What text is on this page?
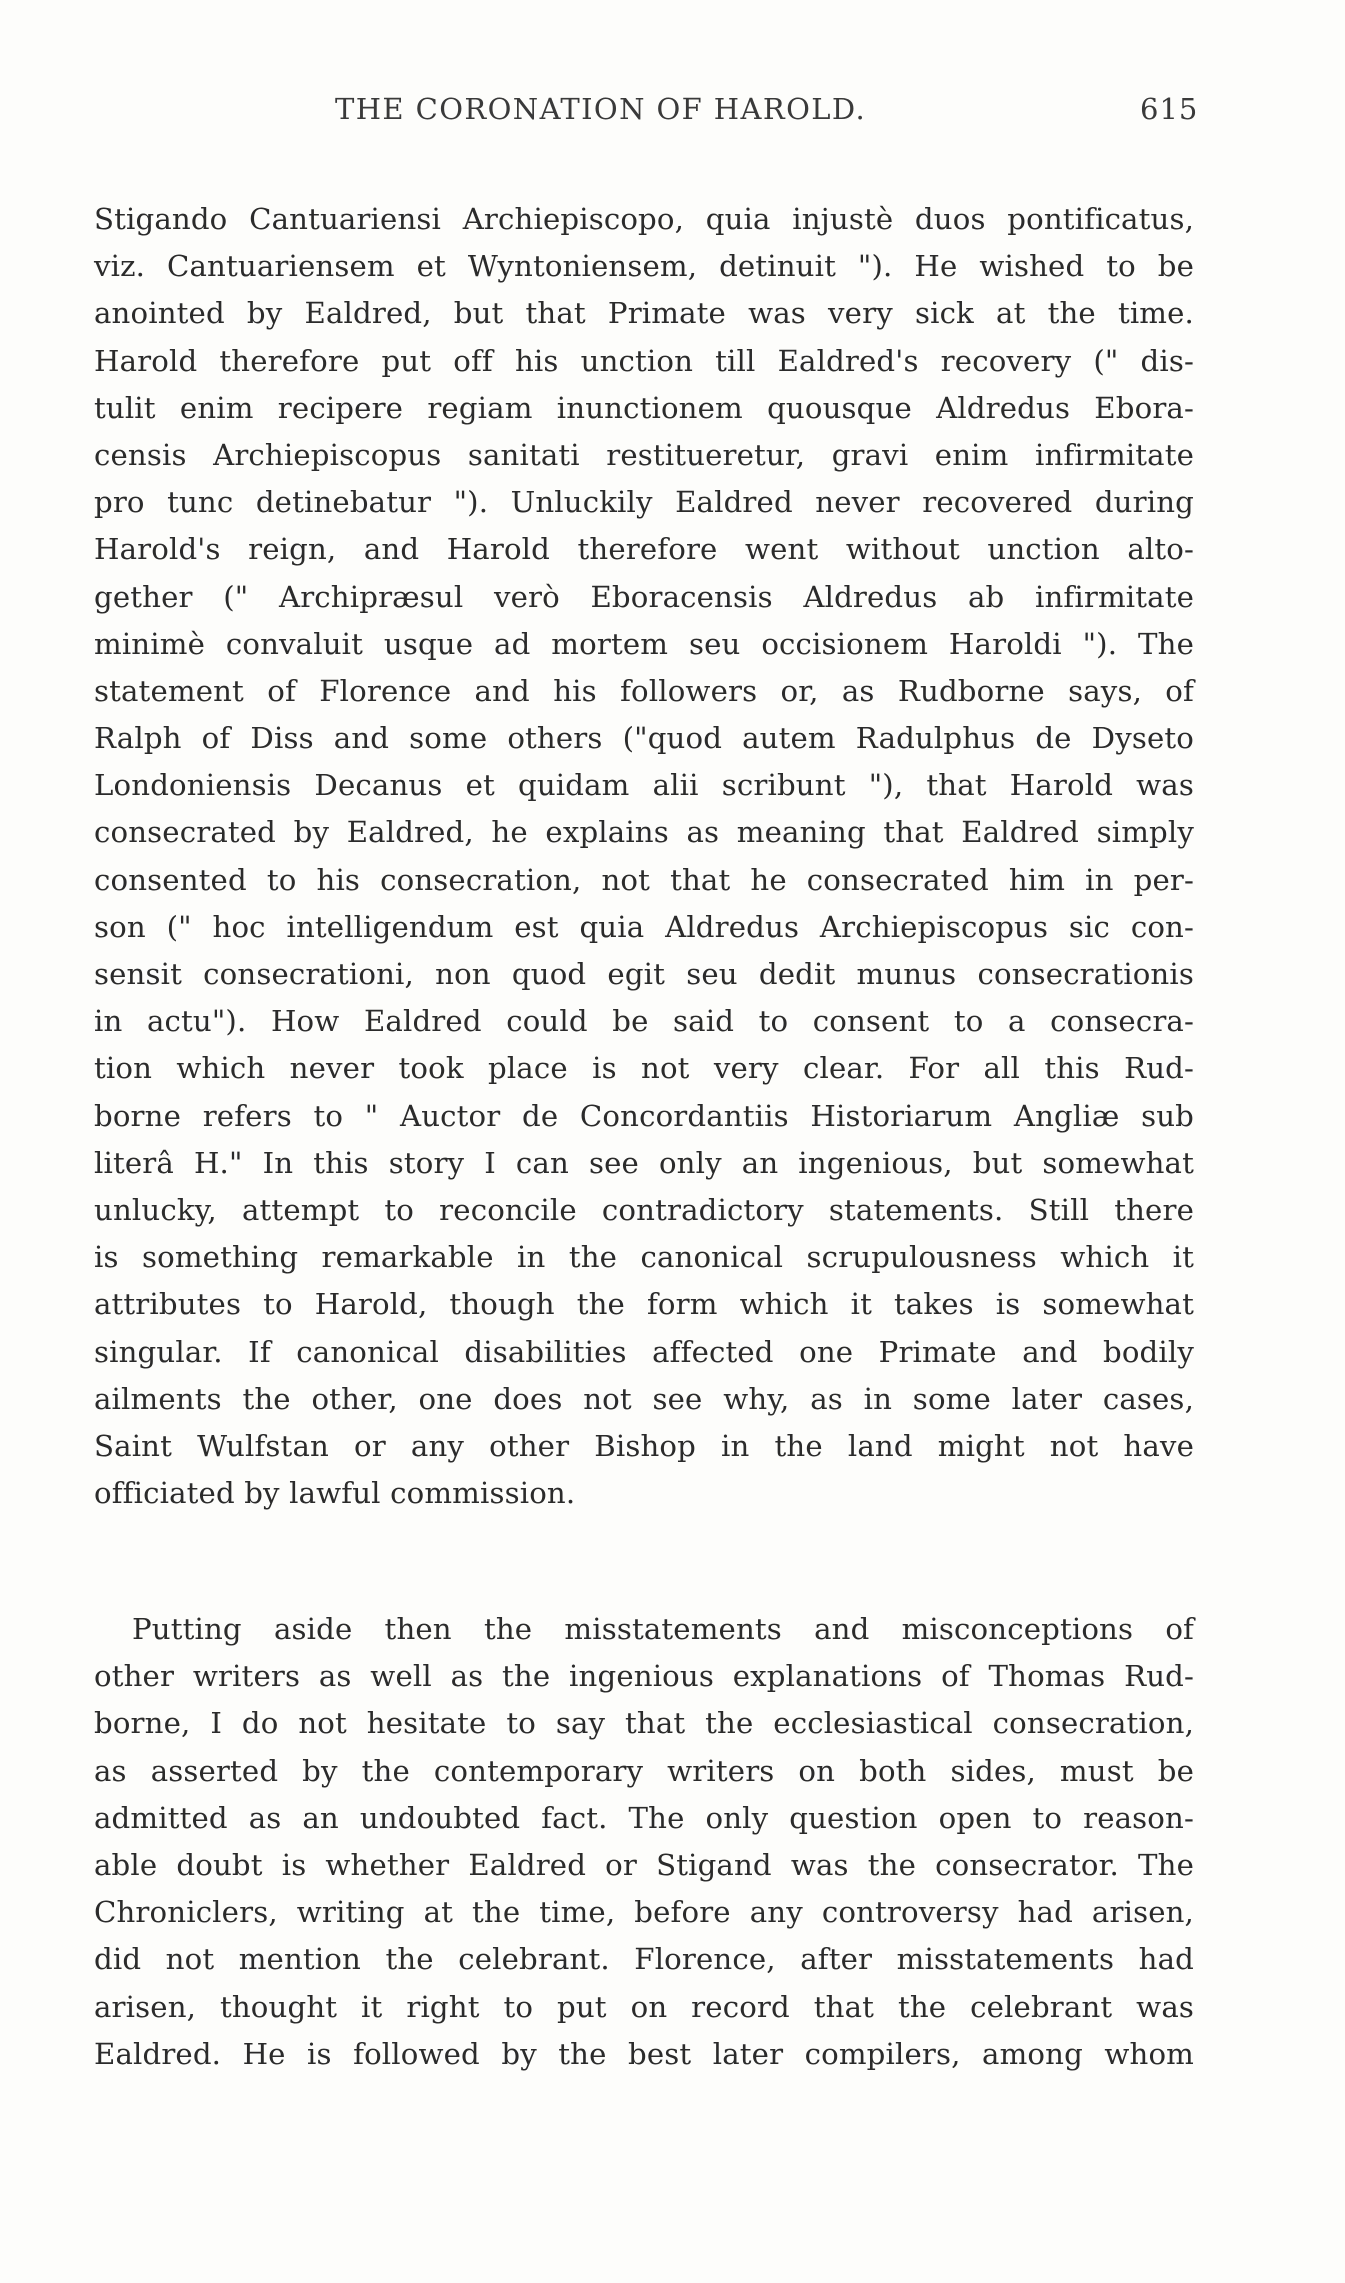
THE CORONATION OF HAROLD.	615
Stigando Cantuariensi Archiepiscopo, quia injustè duos pontificatus,
viz. Cantuariensem et Wyntoniensem, detinuit "). He wished to be
anointed by Ealdred, but that Primate was very sick at the time.
Harold therefore put off his unction till Ealdred's recovery (" dis-
tulit enim recipere regiam inunctionem quousque Aldredus Ebora-
censis Archiepiscopus sanitati restitueretur, gravi enim infirmitate
pro tunc detinebatur "). Unluckily Ealdred never recovered during
Harold's reign, and Harold therefore went without unction alto-
gether (" Archipræsul verò Eboracensis Aldredus ab infirmitate
minimè convaluit usque ad mortem seu occisionem Haroldi "). The
statement of Florence and his followers or, as Rudborne says, of
Ralph of Diss and some others ("quod autem Radulphus de Dyseto
Londoniensis Decanus et quidam alii scribunt "), that Harold was
consecrated by Ealdred, he explains as meaning that Ealdred simply
consented to his consecration, not that he consecrated him in per-
son (" hoc intelligendum est quia Aldredus Archiepiscopus sic con-
sensit consecrationi, non quod egit seu dedit munus consecrationis
in actu"). How Ealdred could be said to consent to a consecra-
tion which never took place is not very clear. For all this Rud-
borne refers to " Auctor de Concordantiis Historiarum Angliæ sub
literâ H." In this story I can see only an ingenious, but somewhat
unlucky, attempt to reconcile contradictory statements. Still there
is something remarkable in the canonical scrupulousness which it
attributes to Harold, though the form which it takes is somewhat
singular. If canonical disabilities affected one Primate and bodily
ailments the other, one does not see why, as in some later cases,
Saint Wulfstan or any other Bishop in the land might not have
officiated by lawful commission.
Putting aside then the misstatements and misconceptions of
other writers as well as the ingenious explanations of Thomas Rud-
borne, I do not hesitate to say that the ecclesiastical consecration,
as asserted by the contemporary writers on both sides, must be
admitted as an undoubted fact. The only question open to reason-
able doubt is whether Ealdred or Stigand was the consecrator. The
Chroniclers, writing at the time, before any controversy had arisen,
did not mention the celebrant. Florence, after misstatements had
arisen, thought it right to put on record that the celebrant was
Ealdred. He is followed by the best later compilers, among whom
